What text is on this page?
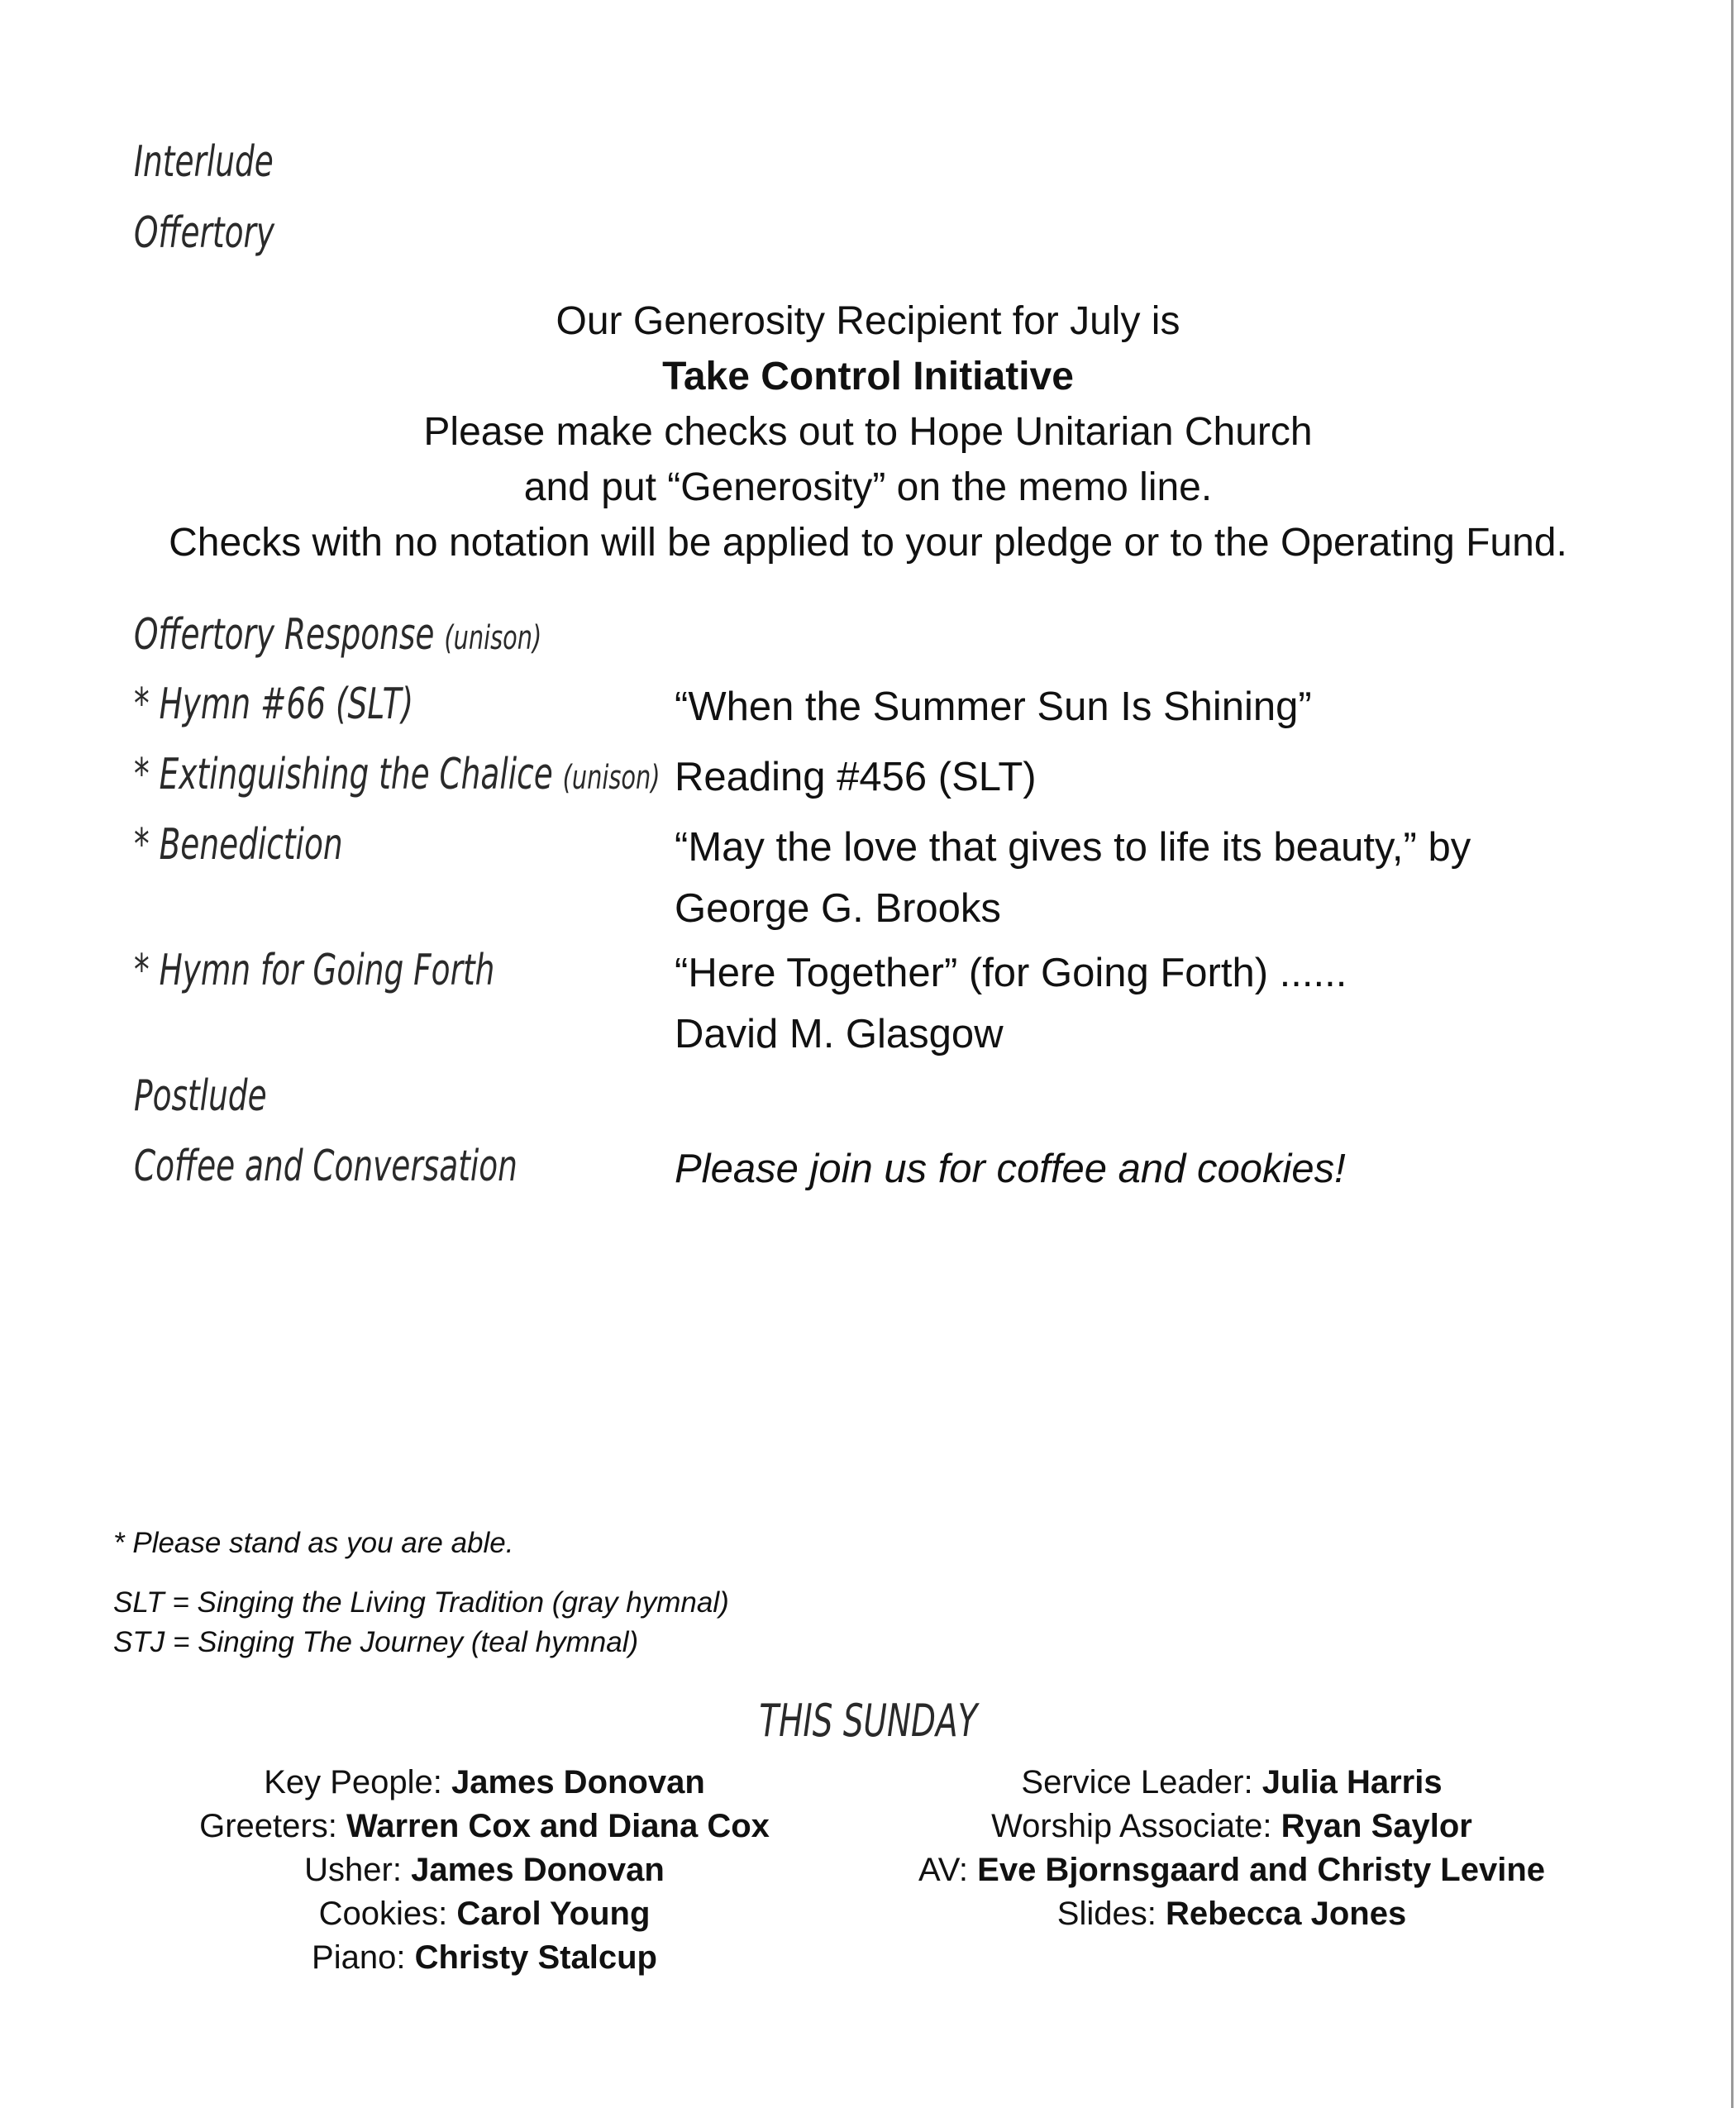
Interlude
Offertory
Our Generosity Recipient for July is
Take Control Initiative
Please make checks out to Hope Unitarian Church
and put “Generosity” on the memo line.
Checks with no notation will be applied to your pledge or to the Operating Fund.
Offertory Response (unison)
* Hymn #66 (SLT)	“When the Summer Sun Is Shining”
* Extinguishing the Chalice (unison) Reading #456 (SLT)
* Benediction	“May the love that gives to life its beauty,” by
George G. Brooks
* Hymn for Going Forth	“Here Together” (for Going Forth) ......
David M. Glasgow
Postlude
Coffee and Conversation	Please join us for coffee and cookies!
* Please stand as you are able.
SLT = Singing the Living Tradition (gray hymnal)
STJ = Singing The Journey (teal hymnal)
THIS SUNDAY
Key People: James Donovan
Greeters: Warren Cox and Diana Cox
Usher: James Donovan
Cookies: Carol Young
Piano: Christy Stalcup
Service Leader: Julia Harris
Worship Associate: Ryan Saylor
AV: Eve Bjornsgaard and Christy Levine
Slides: Rebecca Jones
